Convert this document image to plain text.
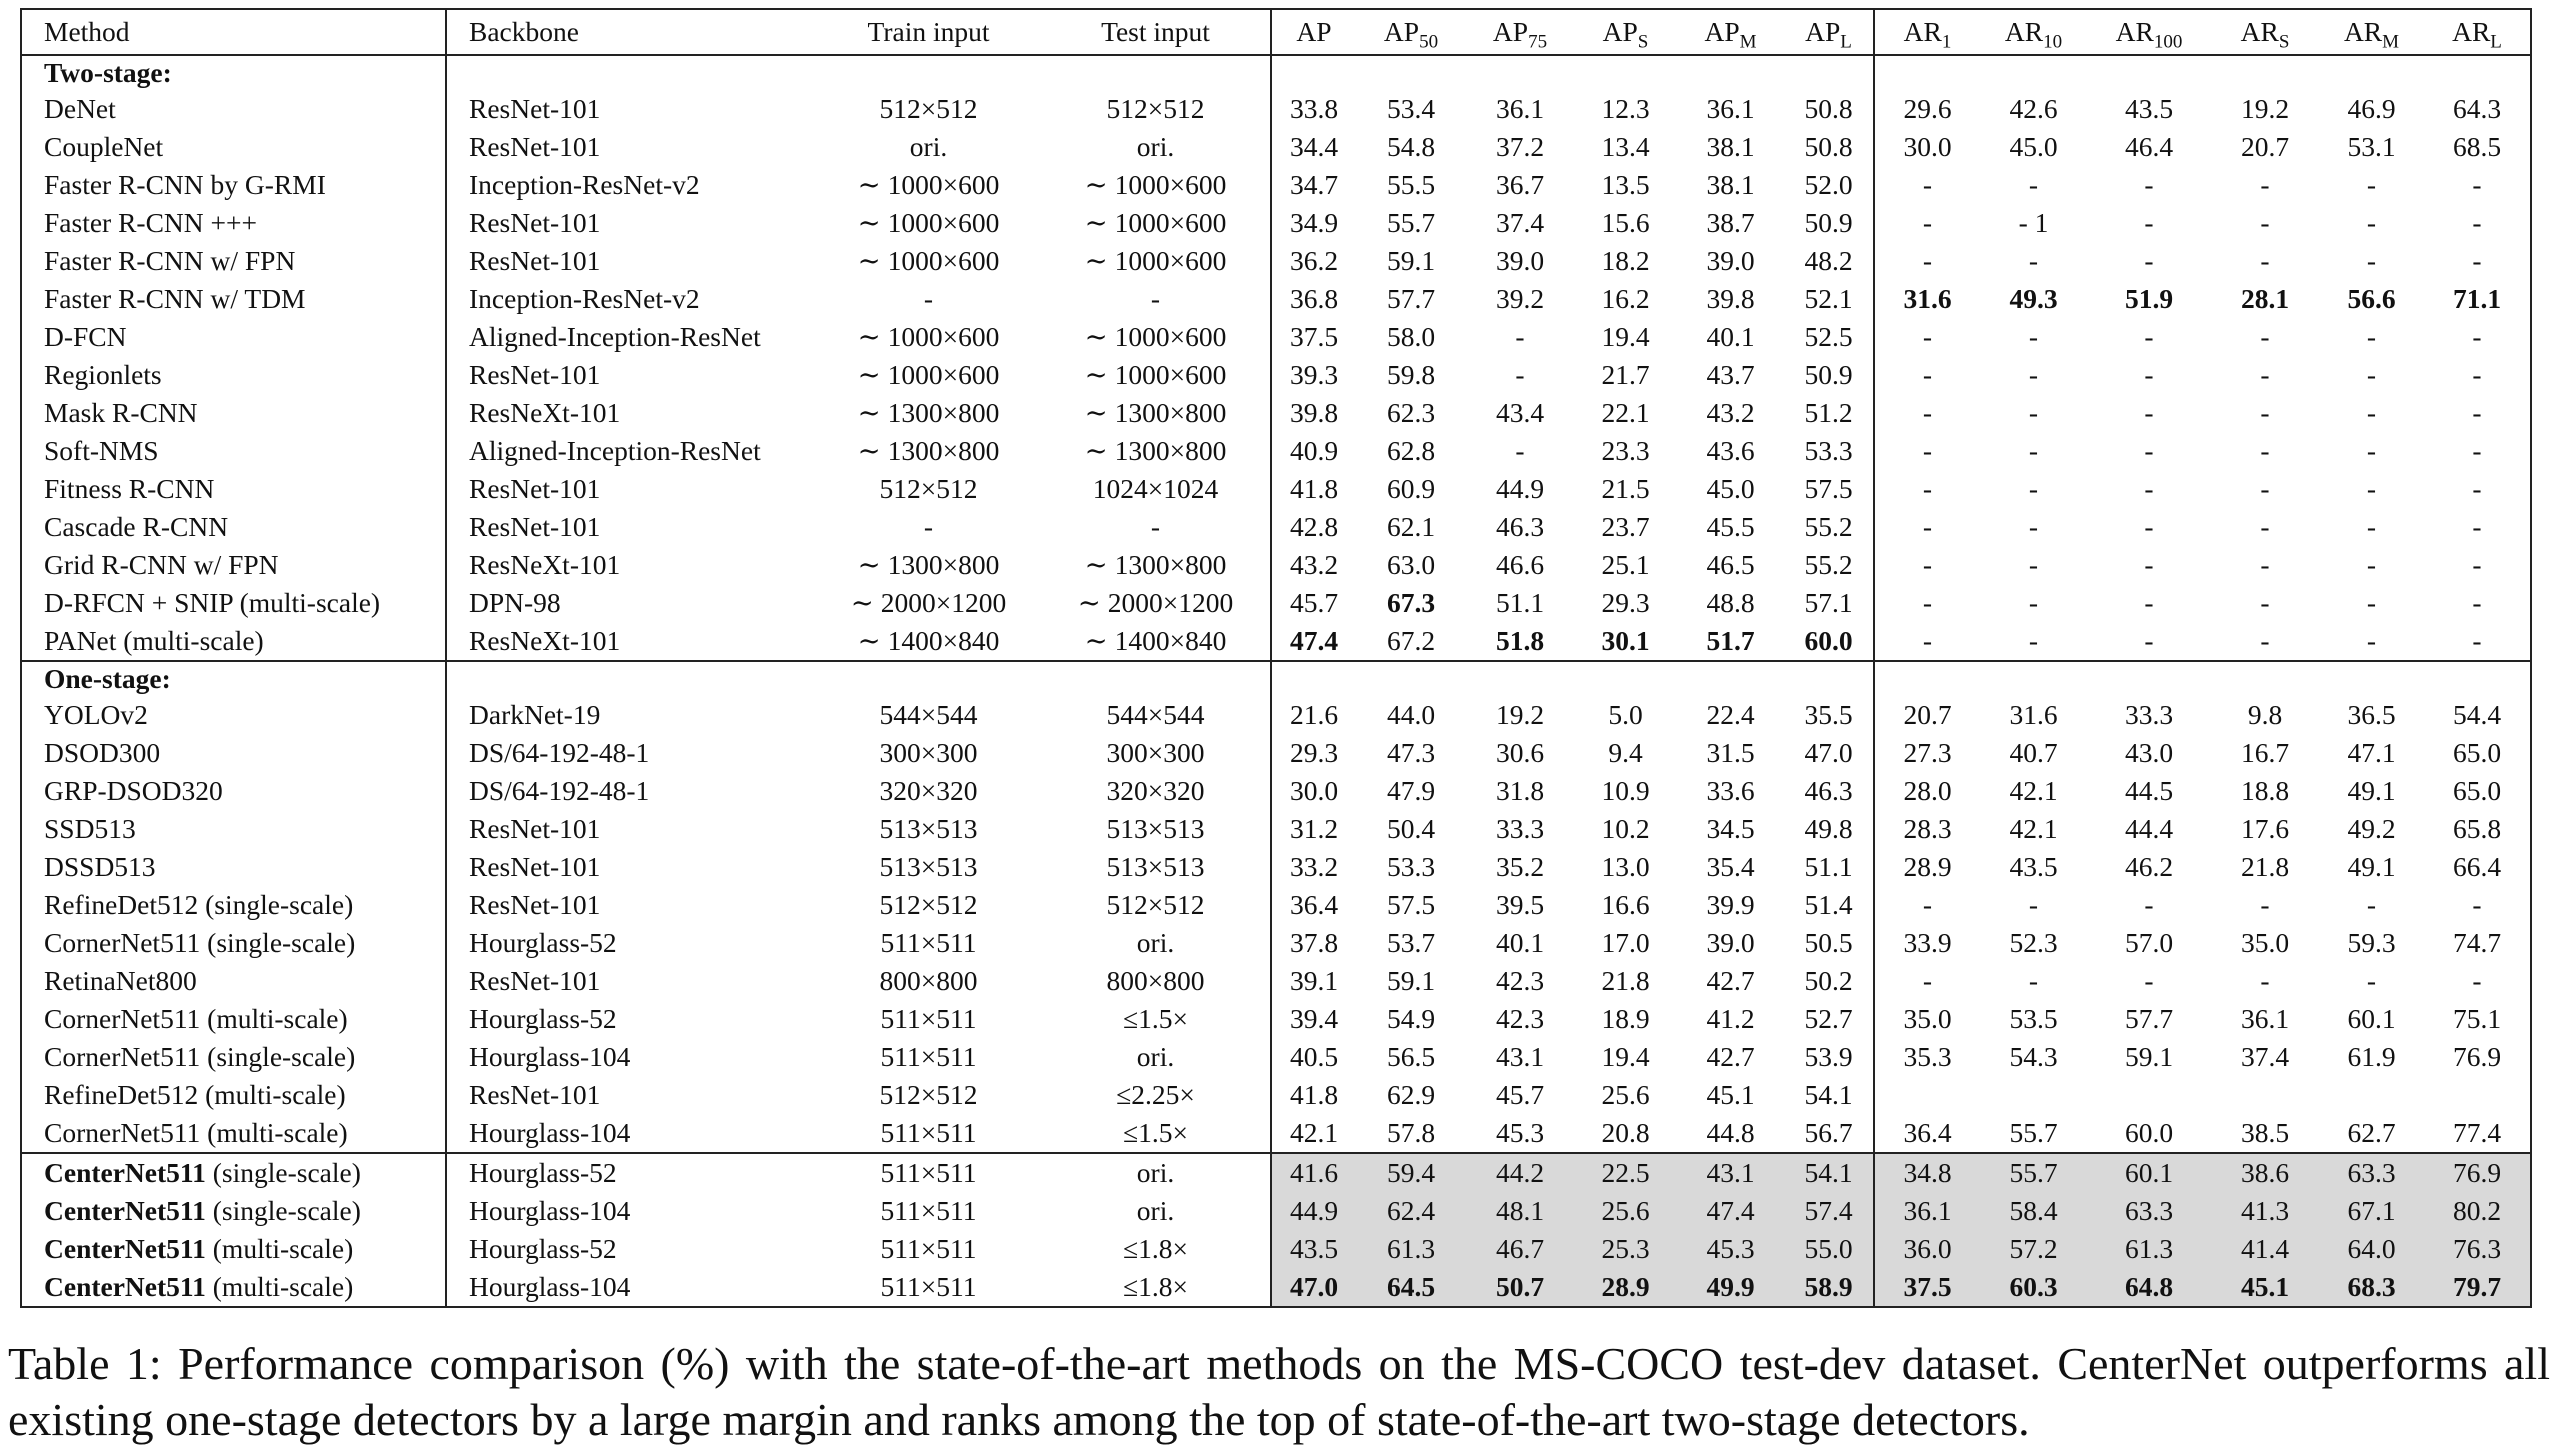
Method	Backbone	Train input	Test input	AP	$AP_{50}$	$AP_{75}$	$AP_S$	$AP_M$	$AP_L$	$AR_1$	$AR_{10}$	$AR_{100}$	$AR_S$	$AR_M$	$AR_L$
Two-stage:															
DeNet	ResNet-101	512×512	512×512	33.8	53.4	36.1	12.3	36.1	50.8	29.6	42.6	43.5	19.2	46.9	64.3
CoupleNet	ResNet-101	ori.	ori.	34.4	54.8	37.2	13.4	38.1	50.8	30.0	45.0	46.4	20.7	53.1	68.5
Faster R-CNN by G-RMI	Inception-ResNet-v2	∼ 1000×600	∼ 1000×600	34.7	55.5	36.7	13.5	38.1	52.0	-	-	-	-	-	-
Faster R-CNN +++	ResNet-101	∼ 1000×600	∼ 1000×600	34.9	55.7	37.4	15.6	38.7	50.9	-	- 1	-	-	-	-
Faster R-CNN w/ FPN	ResNet-101	∼ 1000×600	∼ 1000×600	36.2	59.1	39.0	18.2	39.0	48.2	-	-	-	-	-	-
Faster R-CNN w/ TDM	Inception-ResNet-v2	-	-	36.8	57.7	39.2	16.2	39.8	52.1	31.6	49.3	51.9	28.1	56.6	71.1
D-FCN	Aligned-Inception-ResNet	∼ 1000×600	∼ 1000×600	37.5	58.0	-	19.4	40.1	52.5	-	-	-	-	-	-
Regionlets	ResNet-101	∼ 1000×600	∼ 1000×600	39.3	59.8	-	21.7	43.7	50.9	-	-	-	-	-	-
Mask R-CNN	ResNeXt-101	∼ 1300×800	∼ 1300×800	39.8	62.3	43.4	22.1	43.2	51.2	-	-	-	-	-	-
Soft-NMS	Aligned-Inception-ResNet	∼ 1300×800	∼ 1300×800	40.9	62.8	-	23.3	43.6	53.3	-	-	-	-	-	-
Fitness R-CNN	ResNet-101	512×512	1024×1024	41.8	60.9	44.9	21.5	45.0	57.5	-	-	-	-	-	-
Cascade R-CNN	ResNet-101	-	-	42.8	62.1	46.3	23.7	45.5	55.2	-	-	-	-	-	-
Grid R-CNN w/ FPN	ResNeXt-101	∼ 1300×800	∼ 1300×800	43.2	63.0	46.6	25.1	46.5	55.2	-	-	-	-	-	-
D-RFCN + SNIP (multi-scale)	DPN-98	∼ 2000×1200	∼ 2000×1200	45.7	67.3	51.1	29.3	48.8	57.1	-	-	-	-	-	-
PANet (multi-scale)	ResNeXt-101	∼ 1400×840	∼ 1400×840	47.4	67.2	51.8	30.1	51.7	60.0	-	-	-	-	-	-
One-stage:															
YOLOv2	DarkNet-19	544×544	544×544	21.6	44.0	19.2	5.0	22.4	35.5	20.7	31.6	33.3	9.8	36.5	54.4
DSOD300	DS/64-192-48-1	300×300	300×300	29.3	47.3	30.6	9.4	31.5	47.0	27.3	40.7	43.0	16.7	47.1	65.0
GRP-DSOD320	DS/64-192-48-1	320×320	320×320	30.0	47.9	31.8	10.9	33.6	46.3	28.0	42.1	44.5	18.8	49.1	65.0
SSD513	ResNet-101	513×513	513×513	31.2	50.4	33.3	10.2	34.5	49.8	28.3	42.1	44.4	17.6	49.2	65.8
DSSD513	ResNet-101	513×513	513×513	33.2	53.3	35.2	13.0	35.4	51.1	28.9	43.5	46.2	21.8	49.1	66.4
RefineDet512 (single-scale)	ResNet-101	512×512	512×512	36.4	57.5	39.5	16.6	39.9	51.4	-	-	-	-	-	-
CornerNet511 (single-scale)	Hourglass-52	511×511	ori.	37.8	53.7	40.1	17.0	39.0	50.5	33.9	52.3	57.0	35.0	59.3	74.7
RetinaNet800	ResNet-101	800×800	800×800	39.1	59.1	42.3	21.8	42.7	50.2	-	-	-	-	-	-
CornerNet511 (multi-scale)	Hourglass-52	511×511	≤1.5×	39.4	54.9	42.3	18.9	41.2	52.7	35.0	53.5	57.7	36.1	60.1	75.1
CornerNet511 (single-scale)	Hourglass-104	511×511	ori.	40.5	56.5	43.1	19.4	42.7	53.9	35.3	54.3	59.1	37.4	61.9	76.9
RefineDet512 (multi-scale)	ResNet-101	512×512	≤2.25×	41.8	62.9	45.7	25.6	45.1	54.1						
CornerNet511 (multi-scale)	Hourglass-104	511×511	≤1.5×	42.1	57.8	45.3	20.8	44.8	56.7	36.4	55.7	60.0	38.5	62.7	77.4
CenterNet511 (single-scale)	Hourglass-52	511×511	ori.	41.6	59.4	44.2	22.5	43.1	54.1	34.8	55.7	60.1	38.6	63.3	76.9
CenterNet511 (single-scale)	Hourglass-104	511×511	ori.	44.9	62.4	48.1	25.6	47.4	57.4	36.1	58.4	63.3	41.3	67.1	80.2
CenterNet511 (multi-scale)	Hourglass-52	511×511	≤1.8×	43.5	61.3	46.7	25.3	45.3	55.0	36.0	57.2	61.3	41.4	64.0	76.3
CenterNet511 (multi-scale)	Hourglass-104	511×511	≤1.8×	47.0	64.5	50.7	28.9	49.9	58.9	37.5	60.3	64.8	45.1	68.3	79.7
Table 1: Performance comparison (%) with the state-of-the-art methods on the MS-COCO test-dev dataset. CenterNet outperforms all existing one-stage detectors by a large margin and ranks among the top of state-of-the-art two-stage detectors.
